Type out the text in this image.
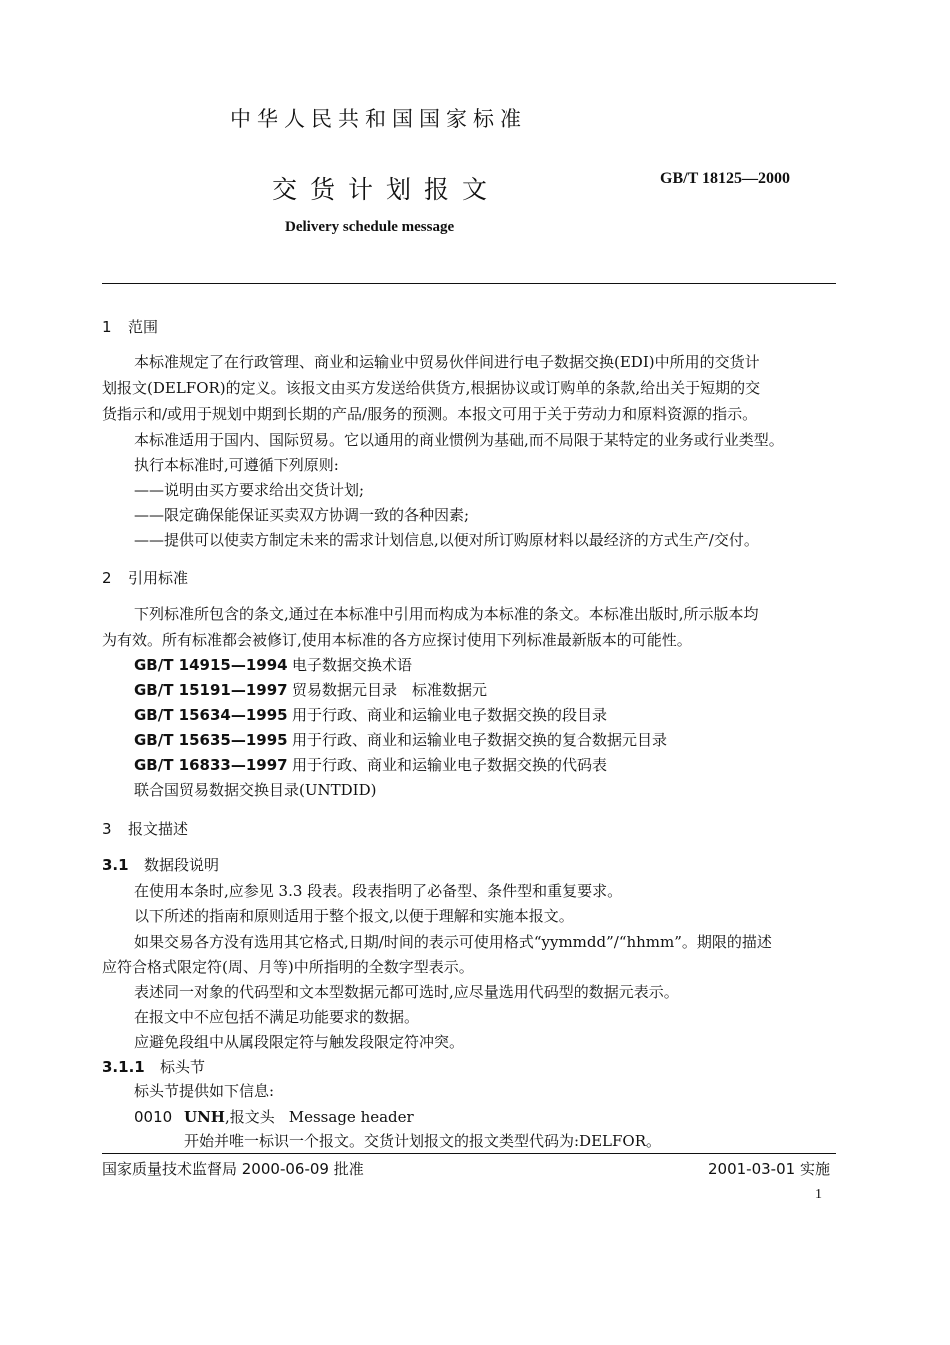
中华人民共和国国家标准
交货计划报文	GB/T 18125—2000
Delivery schedule message
1 范围
本标准规定了在行政管理、商业和运输业中贸易伙伴间进行电子数据交换(EDI)中所用的交货计
划报文(DELFOR)的定义。该报文由买方发送给供货方,根据协议或订购单的条款,给出关于短期的交
货指示和/或用于规划中期到长期的产品/服务的预测。本报文可用于关于劳动力和原料资源的指示。
本标准适用于国内、国际贸易。它以通用的商业惯例为基础,而不局限于某特定的业务或行业类型。
执行本标准时,可遵循下列原则:
——说明由买方要求给出交货计划;
——限定确保能保证买卖双方协调一致的各种因素;
——提供可以使卖方制定未来的需求计划信息,以便对所订购原材料以最经济的方式生产/交付。
2 引用标准
下列标准所包含的条文,通过在本标准中引用而构成为本标准的条文。本标准出版时,所示版本均
为有效。所有标准都会被修订,使用本标准的各方应探讨使用下列标准最新版本的可能性。
GB/T 14915—1994 电子数据交换术语
GB/T 15191—1997 贸易数据元目录　标准数据元
GB/T 15634—1995 用于行政、商业和运输业电子数据交换的段目录
GB/T 15635—1995 用于行政、商业和运输业电子数据交换的复合数据元目录
GB/T 16833—1997 用于行政、商业和运输业电子数据交换的代码表
联合国贸易数据交换目录(UNTDID)
3 报文描述
3.1 数据段说明
在使用本条时,应参见 3.3 段表。段表指明了必备型、条件型和重复要求。
以下所述的指南和原则适用于整个报文,以便于理解和实施本报文。
如果交易各方没有选用其它格式,日期/时间的表示可使用格式“yymmdd”/“hhmm”。期限的描述
应符合格式限定符(周、月等)中所指明的全数字型表示。
表述同一对象的代码型和文本型数据元都可选时,应尽量选用代码型的数据元表示。
在报文中不应包括不满足功能要求的数据。
应避免段组中从属段限定符与触发段限定符冲突。
3.1.1 标头节
标头节提供如下信息:
0010 UNH,报文头 Message header
开始并唯一标识一个报文。交货计划报文的报文类型代码为:DELFOR。
国家质量技术监督局 2000-06-09 批准	2001-03-01 实施
1
